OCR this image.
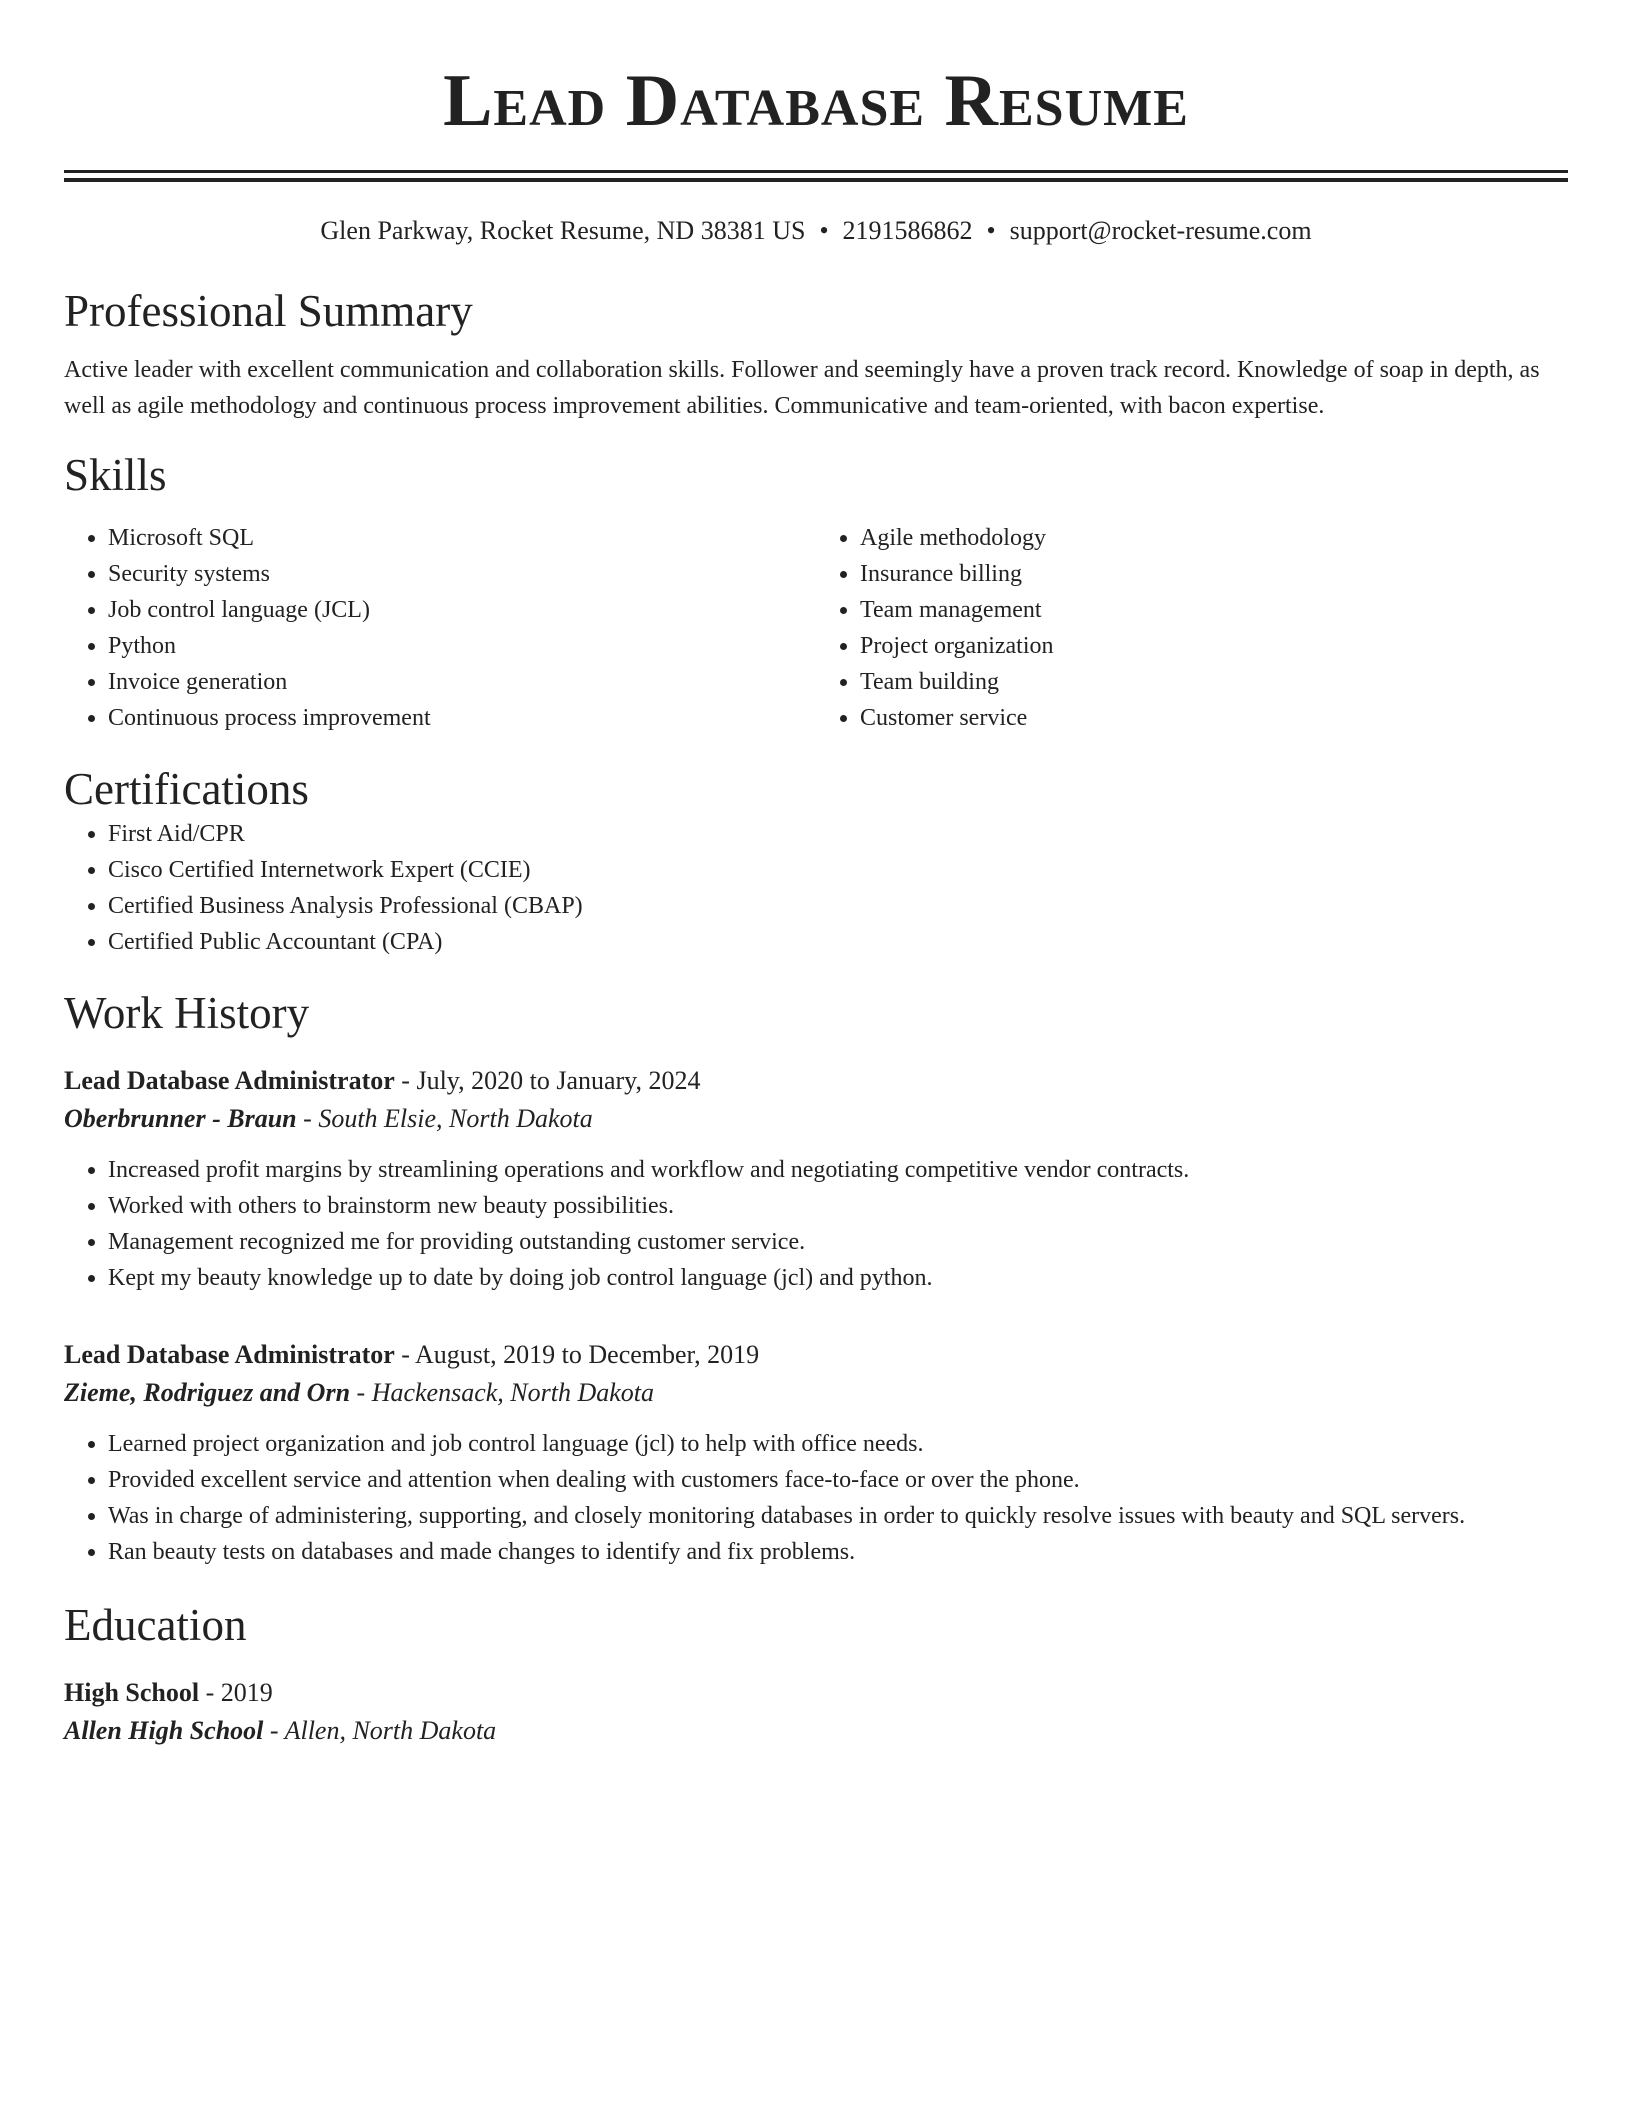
Lead Database Resume
Glen Parkway, Rocket Resume, ND 38381 US • 2191586862 • support@rocket-resume.com
Professional Summary
Active leader with excellent communication and collaboration skills. Follower and seemingly have a proven track record. Knowledge of soap in depth, as well as agile methodology and continuous process improvement abilities. Communicative and team-oriented, with bacon expertise.
Skills
• Microsoft SQL
• Security systems
• Job control language (JCL)
• Python
• Invoice generation
• Continuous process improvement
• Agile methodology
• Insurance billing
• Team management
• Project organization
• Team building
• Customer service
Certifications
• First Aid/CPR
• Cisco Certified Internetwork Expert (CCIE)
• Certified Business Analysis Professional (CBAP)
• Certified Public Accountant (CPA)
Work History
Lead Database Administrator - July, 2020 to January, 2024
Oberbrunner - Braun - South Elsie, North Dakota
• Increased profit margins by streamlining operations and workflow and negotiating competitive vendor contracts.
• Worked with others to brainstorm new beauty possibilities.
• Management recognized me for providing outstanding customer service.
• Kept my beauty knowledge up to date by doing job control language (jcl) and python.
Lead Database Administrator - August, 2019 to December, 2019
Zieme, Rodriguez and Orn - Hackensack, North Dakota
• Learned project organization and job control language (jcl) to help with office needs.
• Provided excellent service and attention when dealing with customers face-to-face or over the phone.
• Was in charge of administering, supporting, and closely monitoring databases in order to quickly resolve issues with beauty and SQL servers.
• Ran beauty tests on databases and made changes to identify and fix problems.
Education
High School - 2019
Allen High School - Allen, North Dakota
